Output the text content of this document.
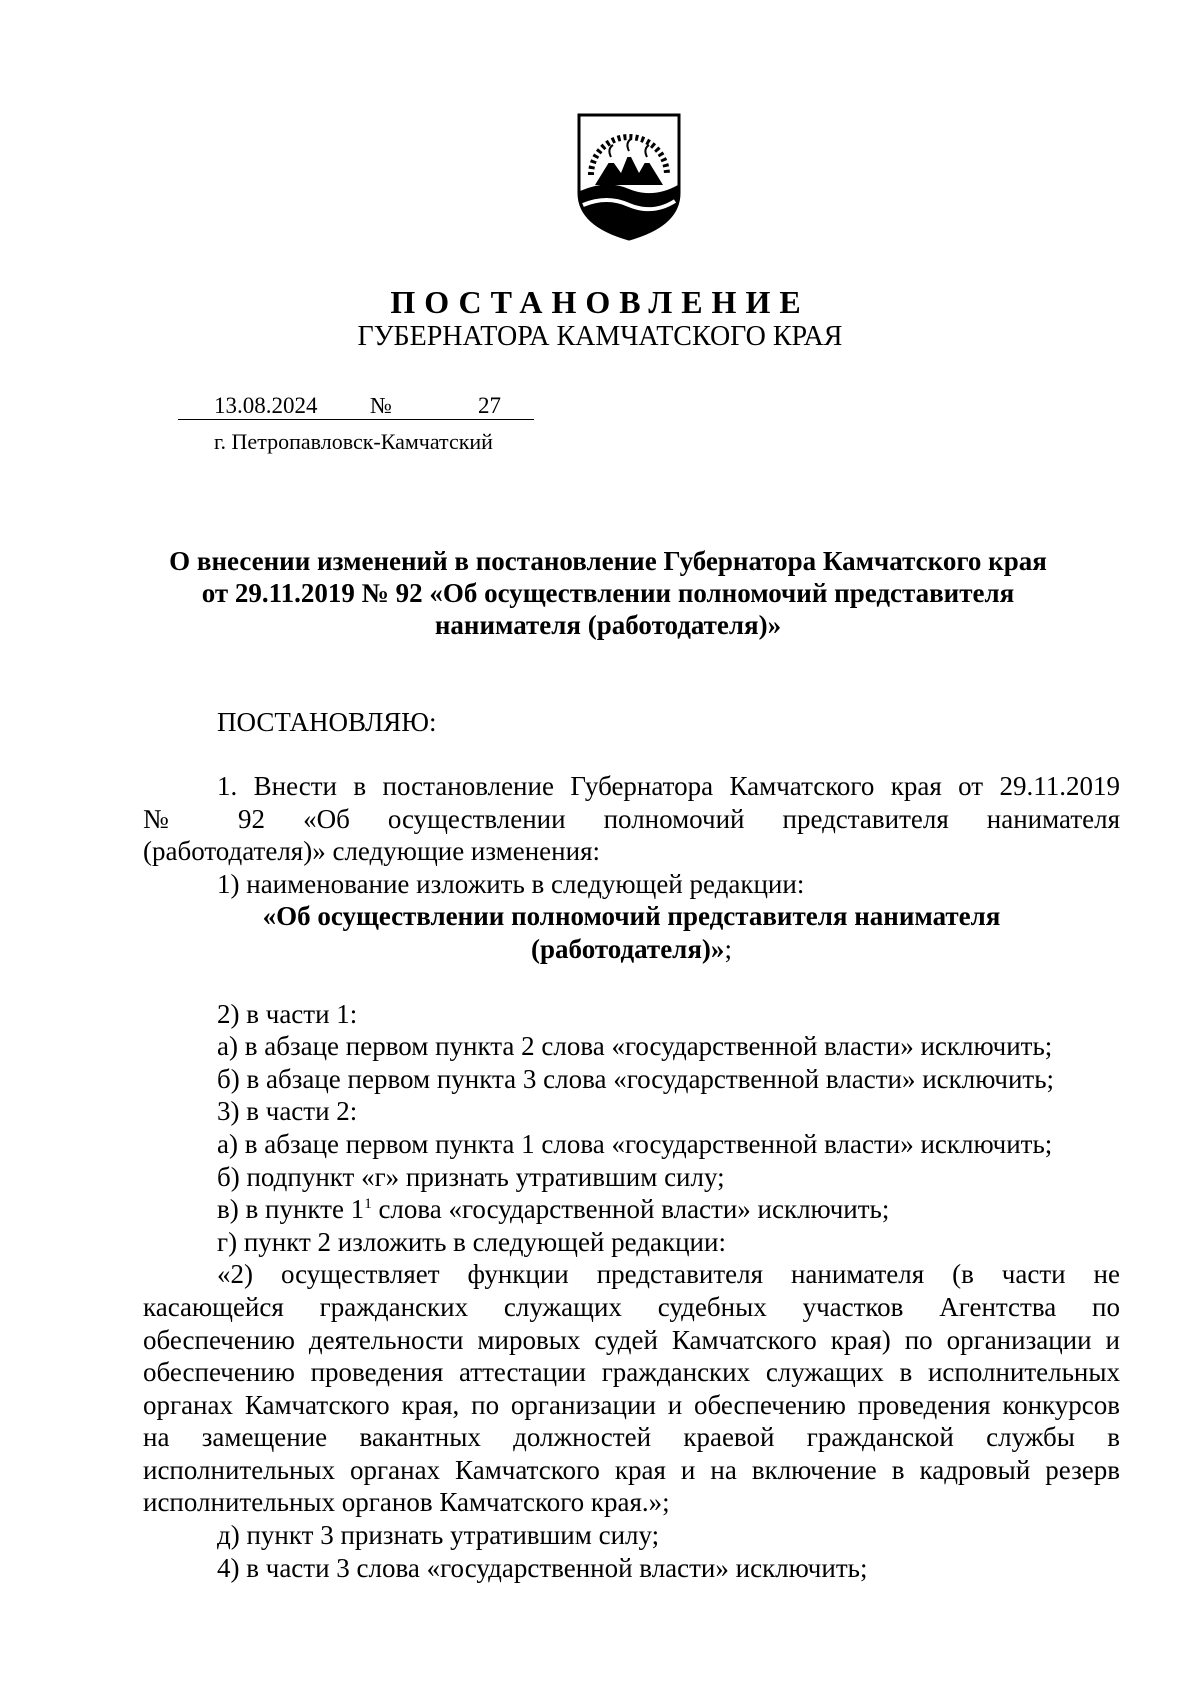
ПОСТАНОВЛЕНИЕ
ГУБЕРНАТОРА КАМЧАТСКОГО КРАЯ
13.08.2024 №	27
г. Петропавловск-Камчатский
О внесении изменений в постановление Губернатора Камчатского края
от 29.11.2019 № 92 «Об осуществлении полномочий представителя
нанимателя (работодателя)»

ПОСТАНОВЛЯЮ:

1. Внести в постановление Губернатора Камчатского края от 29.11.2019

№ 92 «Об осуществлении полномочий представителя нанимателя

(работодателя)» следующие изменения:

1) наименование изложить в следующей редакции:

«Об осуществлении полномочий представителя нанимателя

(работодателя)»;

2) в части 1:

а) в абзаце первом пункта 2 слова «государственной власти» исключить;

б) в абзаце первом пункта 3 слова «государственной власти» исключить;

3) в части 2:

а) в абзаце первом пункта 1 слова «государственной власти» исключить;

б) подпункт «г» признать утратившим силу;

в) в пункте $1^1$ слова «государственной власти» исключить;

г) пункт 2 изложить в следующей редакции:

«2) осуществляет функции представителя нанимателя (в части не

касающейся гражданских служащих судебных участков Агентства по

обеспечению деятельности мировых судей Камчатского края) по организации и

обеспечению проведения аттестации гражданских служащих в исполнительных

органах Камчатского края, по организации и обеспечению проведения конкурсов

на замещение вакантных должностей краевой гражданской службы в

исполнительных органах Камчатского края и на включение в кадровый резерв

исполнительных органов Камчатского края.»;

д) пункт 3 признать утратившим силу;

4) в части 3 слова «государственной власти» исключить;
